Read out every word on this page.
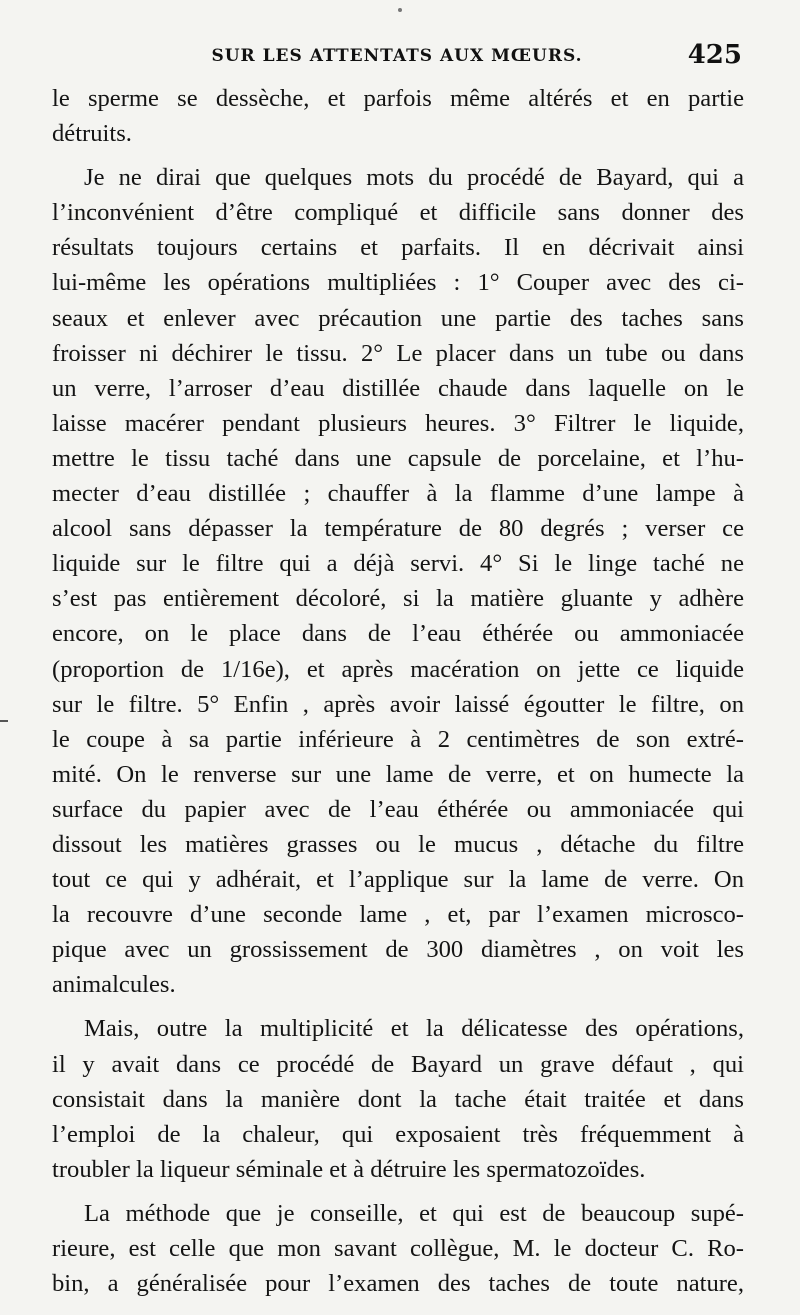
SUR LES ATTENTATS AUX MŒURS.	425
le sperme se dessèche, et parfois même altérés et en partie
détruits.
Je ne dirai que quelques mots du procédé de Bayard, qui a
l’inconvénient d’être compliqué et difficile sans donner des
résultats toujours certains et parfaits. Il en décrivait ainsi
lui-même les opérations multipliées : 1° Couper avec des ci-
seaux et enlever avec précaution une partie des taches sans
froisser ni déchirer le tissu. 2° Le placer dans un tube ou dans
un verre, l’arroser d’eau distillée chaude dans laquelle on le
laisse macérer pendant plusieurs heures. 3° Filtrer le liquide,
mettre le tissu taché dans une capsule de porcelaine, et l’hu-
mecter d’eau distillée ; chauffer à la flamme d’une lampe à
alcool sans dépasser la température de 80 degrés ; verser ce
liquide sur le filtre qui a déjà servi. 4° Si le linge taché ne
s’est pas entièrement décoloré, si la matière gluante y adhère
encore, on le place dans de l’eau éthérée ou ammoniacée
(proportion de 1/16e), et après macération on jette ce liquide
sur le filtre. 5° Enfin , après avoir laissé égoutter le filtre, on
le coupe à sa partie inférieure à 2 centimètres de son extré-
mité. On le renverse sur une lame de verre, et on humecte la
surface du papier avec de l’eau éthérée ou ammoniacée qui
dissout les matières grasses ou le mucus , détache du filtre
tout ce qui y adhérait, et l’applique sur la lame de verre. On
la recouvre d’une seconde lame , et, par l’examen microsco-
pique avec un grossissement de 300 diamètres , on voit les
animalcules.
Mais, outre la multiplicité et la délicatesse des opérations,
il y avait dans ce procédé de Bayard un grave défaut , qui
consistait dans la manière dont la tache était traitée et dans
l’emploi de la chaleur, qui exposaient très fréquemment à
troubler la liqueur séminale et à détruire les spermatozoïdes.
La méthode que je conseille, et qui est de beaucoup supé-
rieure, est celle que mon savant collègue, M. le docteur C. Ro-
bin, a généralisée pour l’examen des taches de toute nature,
